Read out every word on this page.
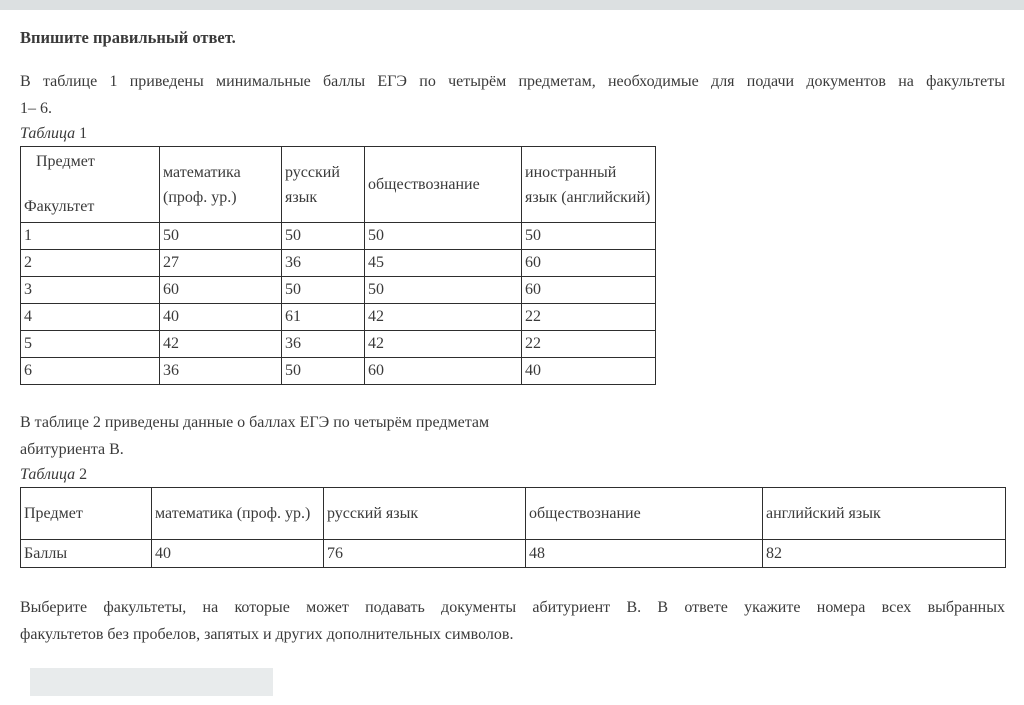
Впишите правильный ответ.
В таблице 1 приведены минимальные баллы ЕГЭ по четырём предметам, необходимые для подачи документов на факультеты
1– 6.
Таблица 1
Предмет
Факультет	математика (проф. ур.)	русский язык	обществознание	иностранный язык (английский)
1	50	50	50	50
2	27	36	45	60
3	60	50	50	60
4	40	61	42	22
5	42	36	42	22
6	36	50	60	40
В таблице 2 приведены данные о баллах ЕГЭ по четырём предметам
абитуриента В.
Таблица 2
Предмет	математика (проф. ур.)	русский язык	обществознание	английский язык
Баллы	40	76	48	82
Выберите факультеты, на которые может подавать документы абитуриент В. В ответе укажите номера всех выбранных
факультетов без пробелов, запятых и других дополнительных символов.
